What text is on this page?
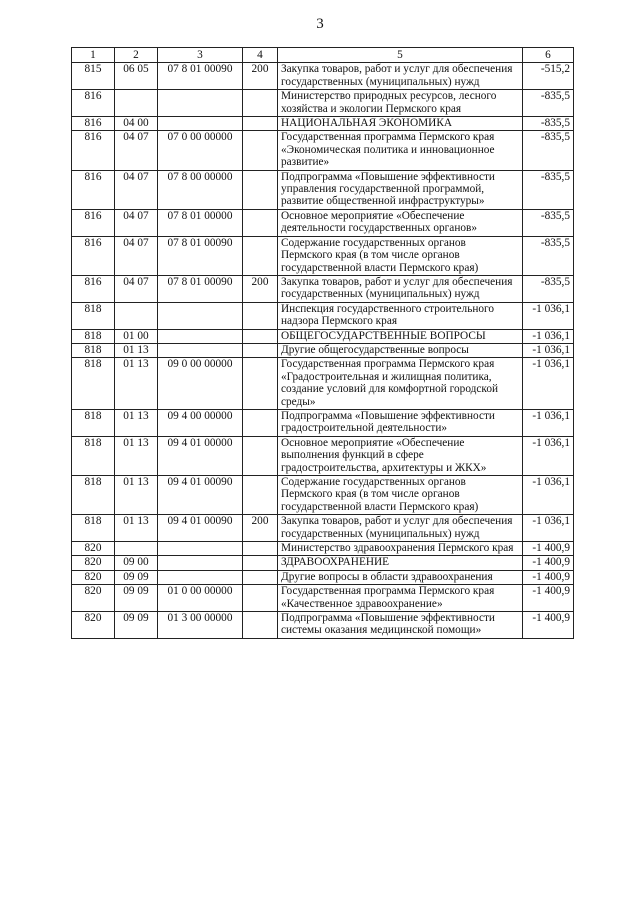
3
1	2	3	4	5	6
815	06 05	07 8 01 00090	200	Закупка товаров, работ и услуг для обеспечения государственных (муниципальных) нужд	-515,2
816				Министерство природных ресурсов, лесного хозяйства и экологии Пермского края	-835,5
816	04 00			НАЦИОНАЛЬНАЯ ЭКОНОМИКА	-835,5
816	04 07	07 0 00 00000		Государственная программа Пермского края «Экономическая политика и инновационное развитие»	-835,5
816	04 07	07 8 00 00000		Подпрограмма «Повышение эффективности управления государственной программой, развитие общественной инфраструктуры»	-835,5
816	04 07	07 8 01 00000		Основное мероприятие «Обеспечение деятельности государственных органов»	-835,5
816	04 07	07 8 01 00090		Содержание государственных органов Пермского края (в том числе органов государственной власти Пермского края)	-835,5
816	04 07	07 8 01 00090	200	Закупка товаров, работ и услуг для обеспечения государственных (муниципальных) нужд	-835,5
818				Инспекция государственного строительного надзора Пермского края	-1 036,1
818	01 00			ОБЩЕГОСУДАРСТВЕННЫЕ ВОПРОСЫ	-1 036,1
818	01 13			Другие общегосударственные вопросы	-1 036,1
818	01 13	09 0 00 00000		Государственная программа Пермского края «Градостроительная и жилищная политика, создание условий для комфортной городской среды»	-1 036,1
818	01 13	09 4 00 00000		Подпрограмма «Повышение эффективности градостроительной деятельности»	-1 036,1
818	01 13	09 4 01 00000		Основное мероприятие «Обеспечение выполнения функций в сфере градостроительства, архитектуры и ЖКХ»	-1 036,1
818	01 13	09 4 01 00090		Содержание государственных органов Пермского края (в том числе органов государственной власти Пермского края)	-1 036,1
818	01 13	09 4 01 00090	200	Закупка товаров, работ и услуг для обеспечения государственных (муниципальных) нужд	-1 036,1
820				Министерство здравоохранения Пермского края	-1 400,9
820	09 00			ЗДРАВООХРАНЕНИЕ	-1 400,9
820	09 09			Другие вопросы в области здравоохранения	-1 400,9
820	09 09	01 0 00 00000		Государственная программа Пермского края «Качественное здравоохранение»	-1 400,9
820	09 09	01 3 00 00000		Подпрограмма «Повышение эффективности системы оказания медицинской помощи»	-1 400,9
